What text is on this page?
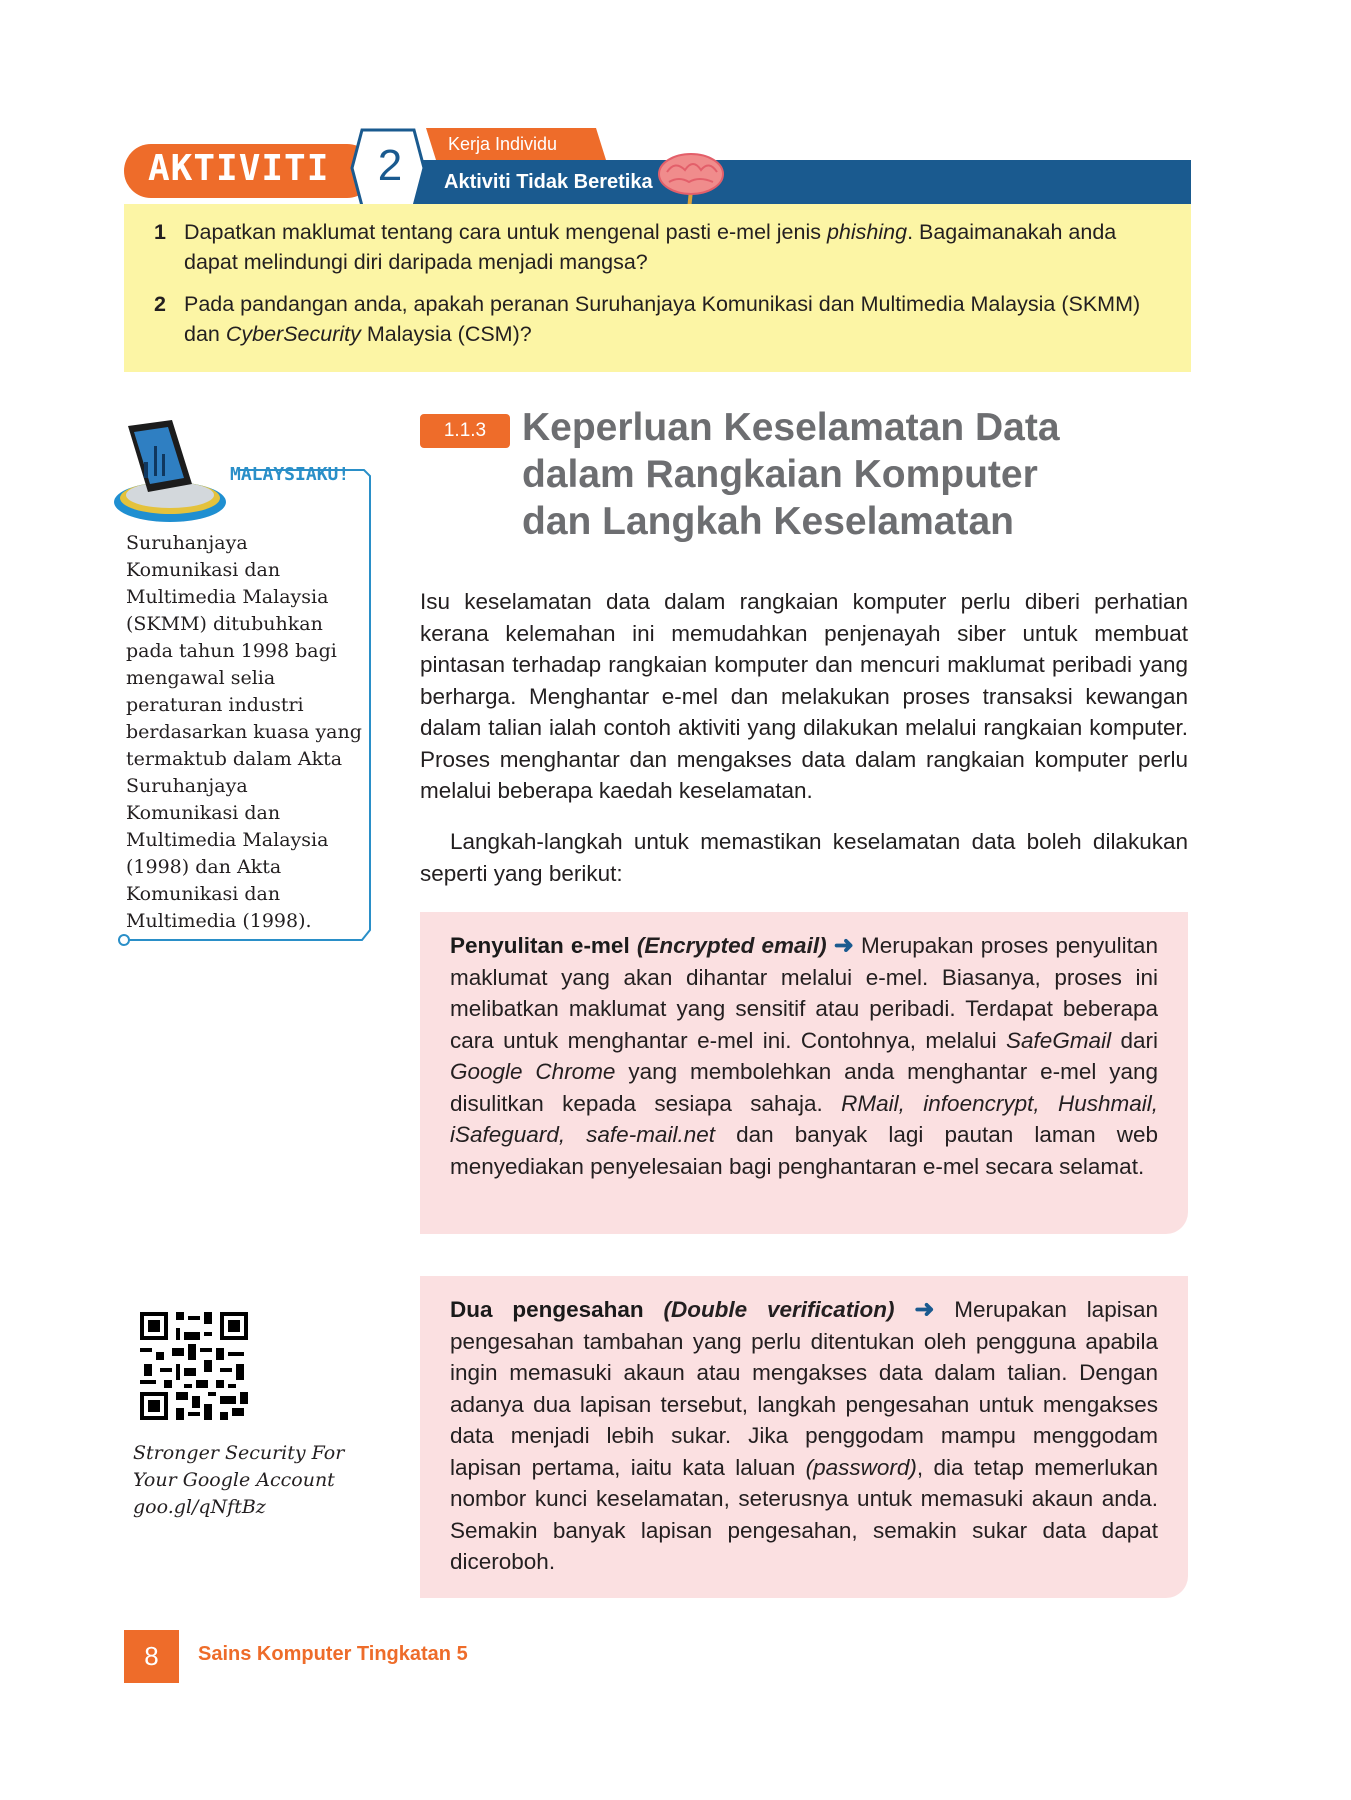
AKTIVITI 2	Kerja Individu
Aktiviti Tidak Beretika
1 Dapatkan maklumat tentang cara untuk mengenal pasti e-mel jenis phishing. Bagaimanakah anda dapat melindungi diri daripada menjadi mangsa?
2 Pada pandangan anda, apakah peranan Suruhanjaya Komunikasi dan Multimedia Malaysia (SKMM) dan CyberSecurity Malaysia (CSM)?
MALAYSIAKU!
Suruhanjaya Komunikasi dan Multimedia Malaysia (SKMM) ditubuhkan pada tahun 1998 bagi mengawal selia peraturan industri berdasarkan kuasa yang termaktub dalam Akta Suruhanjaya Komunikasi dan Multimedia Malaysia (1998) dan Akta Komunikasi dan Multimedia (1998).
Stronger Security For
Your Google Account
goo.gl/qNftBz
1.1.3 Keperluan Keselamatan Data
dalam Rangkaian Komputer
dan Langkah Keselamatan
Isu keselamatan data dalam rangkaian komputer perlu diberi perhatian kerana kelemahan ini memudahkan penjenayah siber untuk membuat pintasan terhadap rangkaian komputer dan mencuri maklumat peribadi yang berharga. Menghantar e-mel dan melakukan proses transaksi kewangan dalam talian ialah contoh aktiviti yang dilakukan melalui rangkaian komputer. Proses menghantar dan mengakses data dalam rangkaian komputer perlu melalui beberapa kaedah keselamatan.
Langkah-langkah untuk memastikan keselamatan data boleh dilakukan seperti yang berikut:
Penyulitan e-mel (Encrypted email) ➜ Merupakan proses penyulitan maklumat yang akan dihantar melalui e-mel. Biasanya, proses ini melibatkan maklumat yang sensitif atau peribadi. Terdapat beberapa cara untuk menghantar e-mel ini. Contohnya, melalui SafeGmail dari Google Chrome yang membolehkan anda menghantar e-mel yang disulitkan kepada sesiapa sahaja. RMail, infoencrypt, Hushmail, iSafeguard, safe-mail.net dan banyak lagi pautan laman web menyediakan penyelesaian bagi penghantaran e-mel secara selamat.
Dua pengesahan (Double verification) ➜ Merupakan lapisan pengesahan tambahan yang perlu ditentukan oleh pengguna apabila ingin memasuki akaun atau mengakses data dalam talian. Dengan adanya dua lapisan tersebut, langkah pengesahan untuk mengakses data menjadi lebih sukar. Jika penggodam mampu menggodam lapisan pertama, iaitu kata laluan (password), dia tetap memerlukan nombor kunci keselamatan, seterusnya untuk memasuki akaun anda. Semakin banyak lapisan pengesahan, semakin sukar data dapat diceroboh.
8	Sains Komputer Tingkatan 5
